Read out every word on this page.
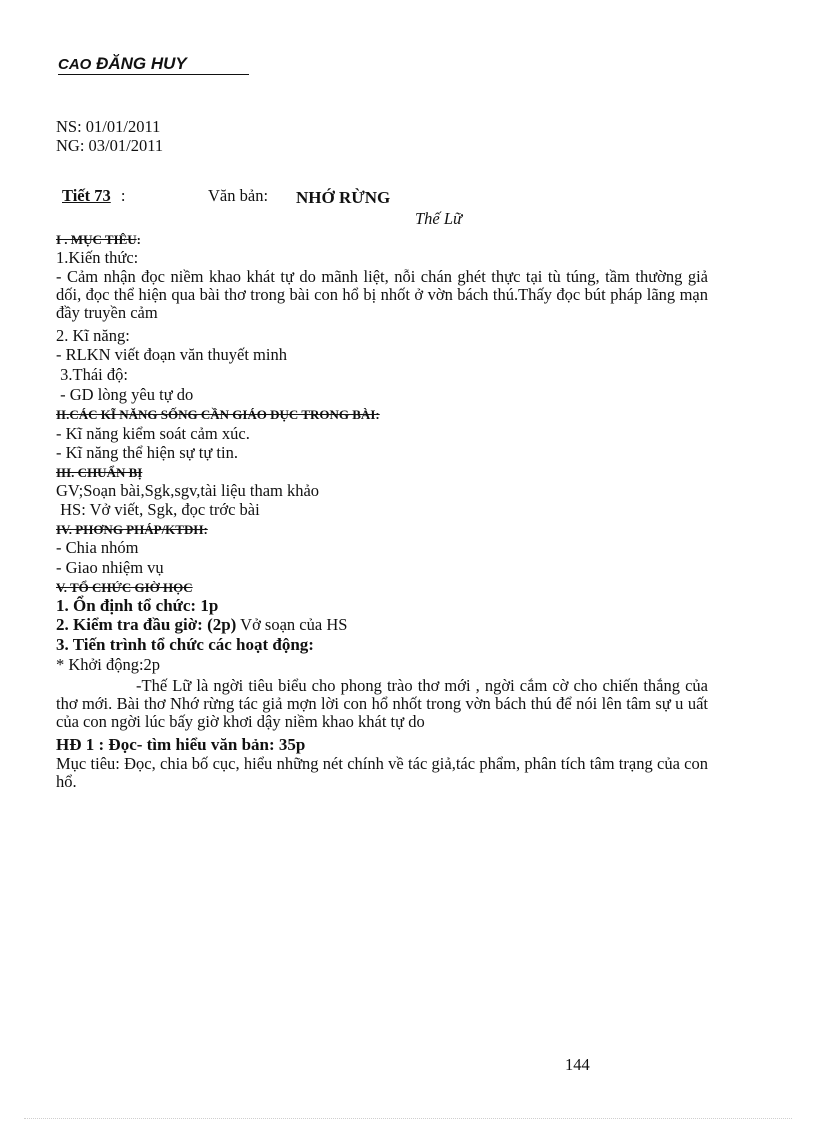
CAO ĐĂNG HUY
NS: 01/01/2011
NG: 03/01/2011
Tiết 73 :	Văn bản: NHỚ RỪNG
Thế Lữ
I . MỤC TIÊU:
1.Kiến thức:
- Cảm nhận đọc niềm khao khát tự do mãnh liệt, nỗi chán ghét thực tại tù túng, tầm thường giả dối, đọc thể hiện qua bài thơ trong bài con hổ bị nhốt ở vờn bách thú.Thấy đọc bút pháp lãng mạn đầy truyền cảm
2. Kĩ năng:
- RLKN viết đoạn văn thuyết minh
3.Thái độ:
- GD lòng yêu tự do
II.CÁC KĨ NĂNG SỐNG CẦN GIÁO DỤC TRONG BÀI:
- Kĩ năng kiểm soát cảm xúc.
- Kĩ năng thể hiện sự tự tin.
III. CHUẨN BỊ
GV;Soạn bài,Sgk,sgv,tài liệu tham khảo
HS: Vở viết, Sgk, đọc trớc bài
IV. PHƠNG PHÁP/KTDH:
- Chia nhóm
- Giao nhiệm vụ
V. TỔ CHỨC GIỜ HỌC
1. Ổn định tổ chức: 1p
2. Kiểm tra đầu giờ: (2p) Vở soạn của HS
3. Tiến trình tổ chức các hoạt động:
* Khởi động:2p
-Thế Lữ là ngời tiêu biểu cho phong trào thơ mới , ngời cắm cờ cho chiến thắng của thơ mới. Bài thơ Nhớ rừng tác giả mợn lời con hổ nhốt trong vờn bách thú để nói lên tâm sự u uất của con ngời lúc bấy giờ khơi dậy niềm khao khát tự do
HĐ 1 : Đọc- tìm hiểu văn bản: 35p
Mục tiêu: Đọc, chia bố cục, hiểu những nét chính về tác giả,tác phẩm, phân tích tâm trạng của con hổ.
144
